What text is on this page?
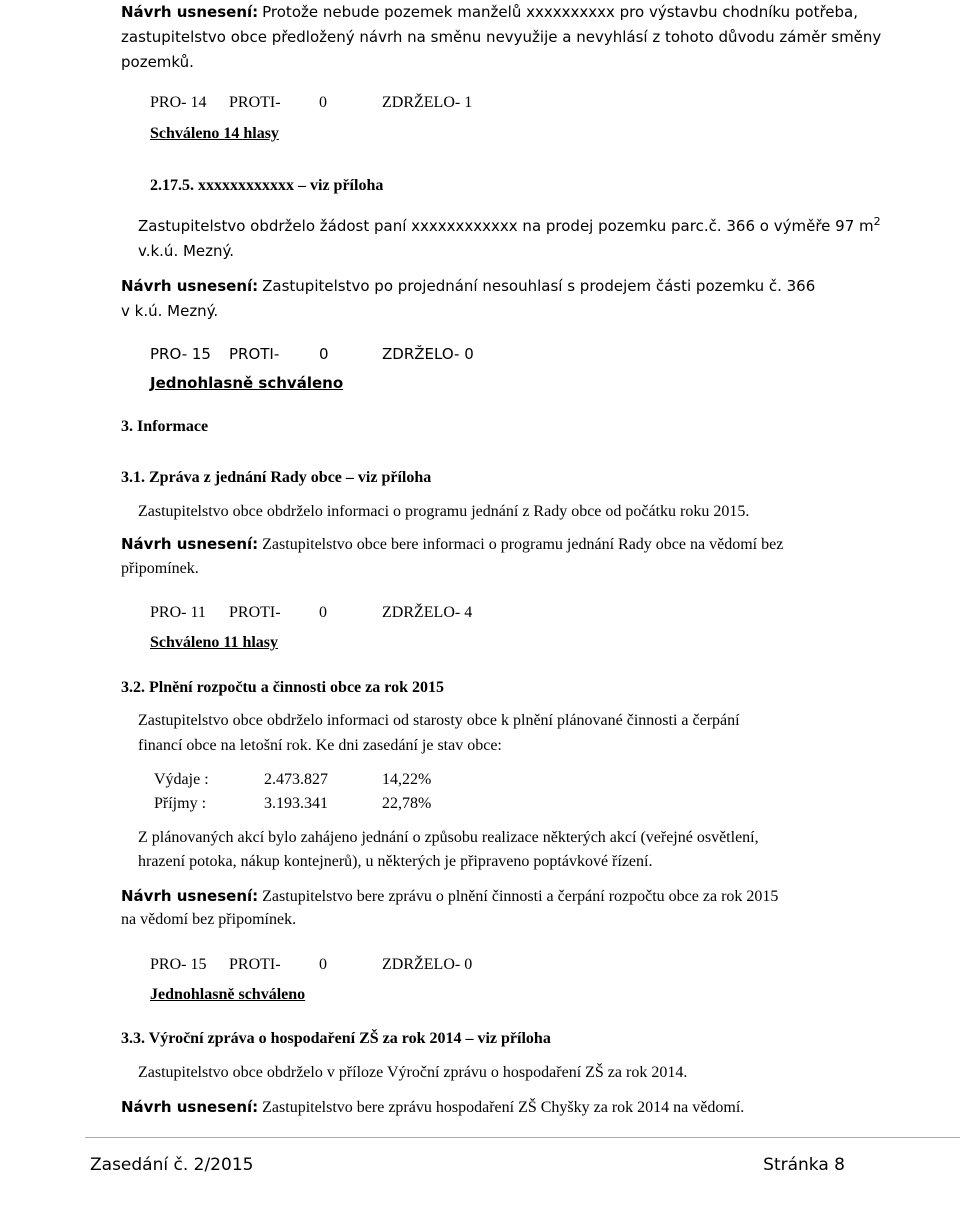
Návrh usnesení: Protože nebude pozemek manželů xxxxxxxxxx pro výstavbu chodníku potřeba,
zastupitelstvo obce předložený návrh na směnu nevyužije a nevyhlásí z tohoto důvodu záměr směny
pozemků.
PRO- 14 PROTI- 0	ZDRŽELO- 1
Schváleno 14 hlasy
2.17.5. xxxxxxxxxxxx – viz příloha
Zastupitelstvo obdrželo žádost paní xxxxxxxxxxxx na prodej pozemku parc.č. 366 o výměře 97 $m^2$
v.k.ú. Mezný.
Návrh usnesení: Zastupitelstvo po projednání nesouhlasí s prodejem části pozemku č. 366
v k.ú. Mezný.
PRO- 15 PROTI-	0	ZDRŽELO- 0
Jednohlasně schváleno
3. Informace
3.1. Zpráva z jednání Rady obce – viz příloha
Zastupitelstvo obce obdrželo informaci o programu jednání z Rady obce od počátku roku 2015.
Návrh usnesení: Zastupitelstvo obce bere informaci o programu jednání Rady obce na vědomí bez
připomínek.
PRO- 11 PROTI- 0	ZDRŽELO- 4
Schváleno 11 hlasy
3.2. Plnění rozpočtu a činnosti obce za rok 2015
Zastupitelstvo obce obdrželo informaci od starosty obce k plnění plánované činnosti a čerpání
financí obce na letošní rok. Ke dni zasedání je stav obce:
Výdaje :	2.473.827	14,22%
Příjmy :	3.193.341	22,78%
Z plánovaných akcí bylo zahájeno jednání o způsobu realizace některých akcí (veřejné osvětlení,
hrazení potoka, nákup kontejnerů), u některých je připraveno poptávkové řízení.
Návrh usnesení: Zastupitelstvo bere zprávu o plnění činnosti a čerpání rozpočtu obce za rok 2015
na vědomí bez připomínek.
PRO- 15 PROTI- 0	ZDRŽELO- 0
Jednohlasně schváleno
3.3. Výroční zpráva o hospodaření ZŠ za rok 2014 – viz příloha
Zastupitelstvo obce obdrželo v příloze Výroční zprávu o hospodaření ZŠ za rok 2014.
Návrh usnesení: Zastupitelstvo bere zprávu hospodaření ZŠ Chyšky za rok 2014 na vědomí.
Zasedání č. 2/2015	Stránka 8
